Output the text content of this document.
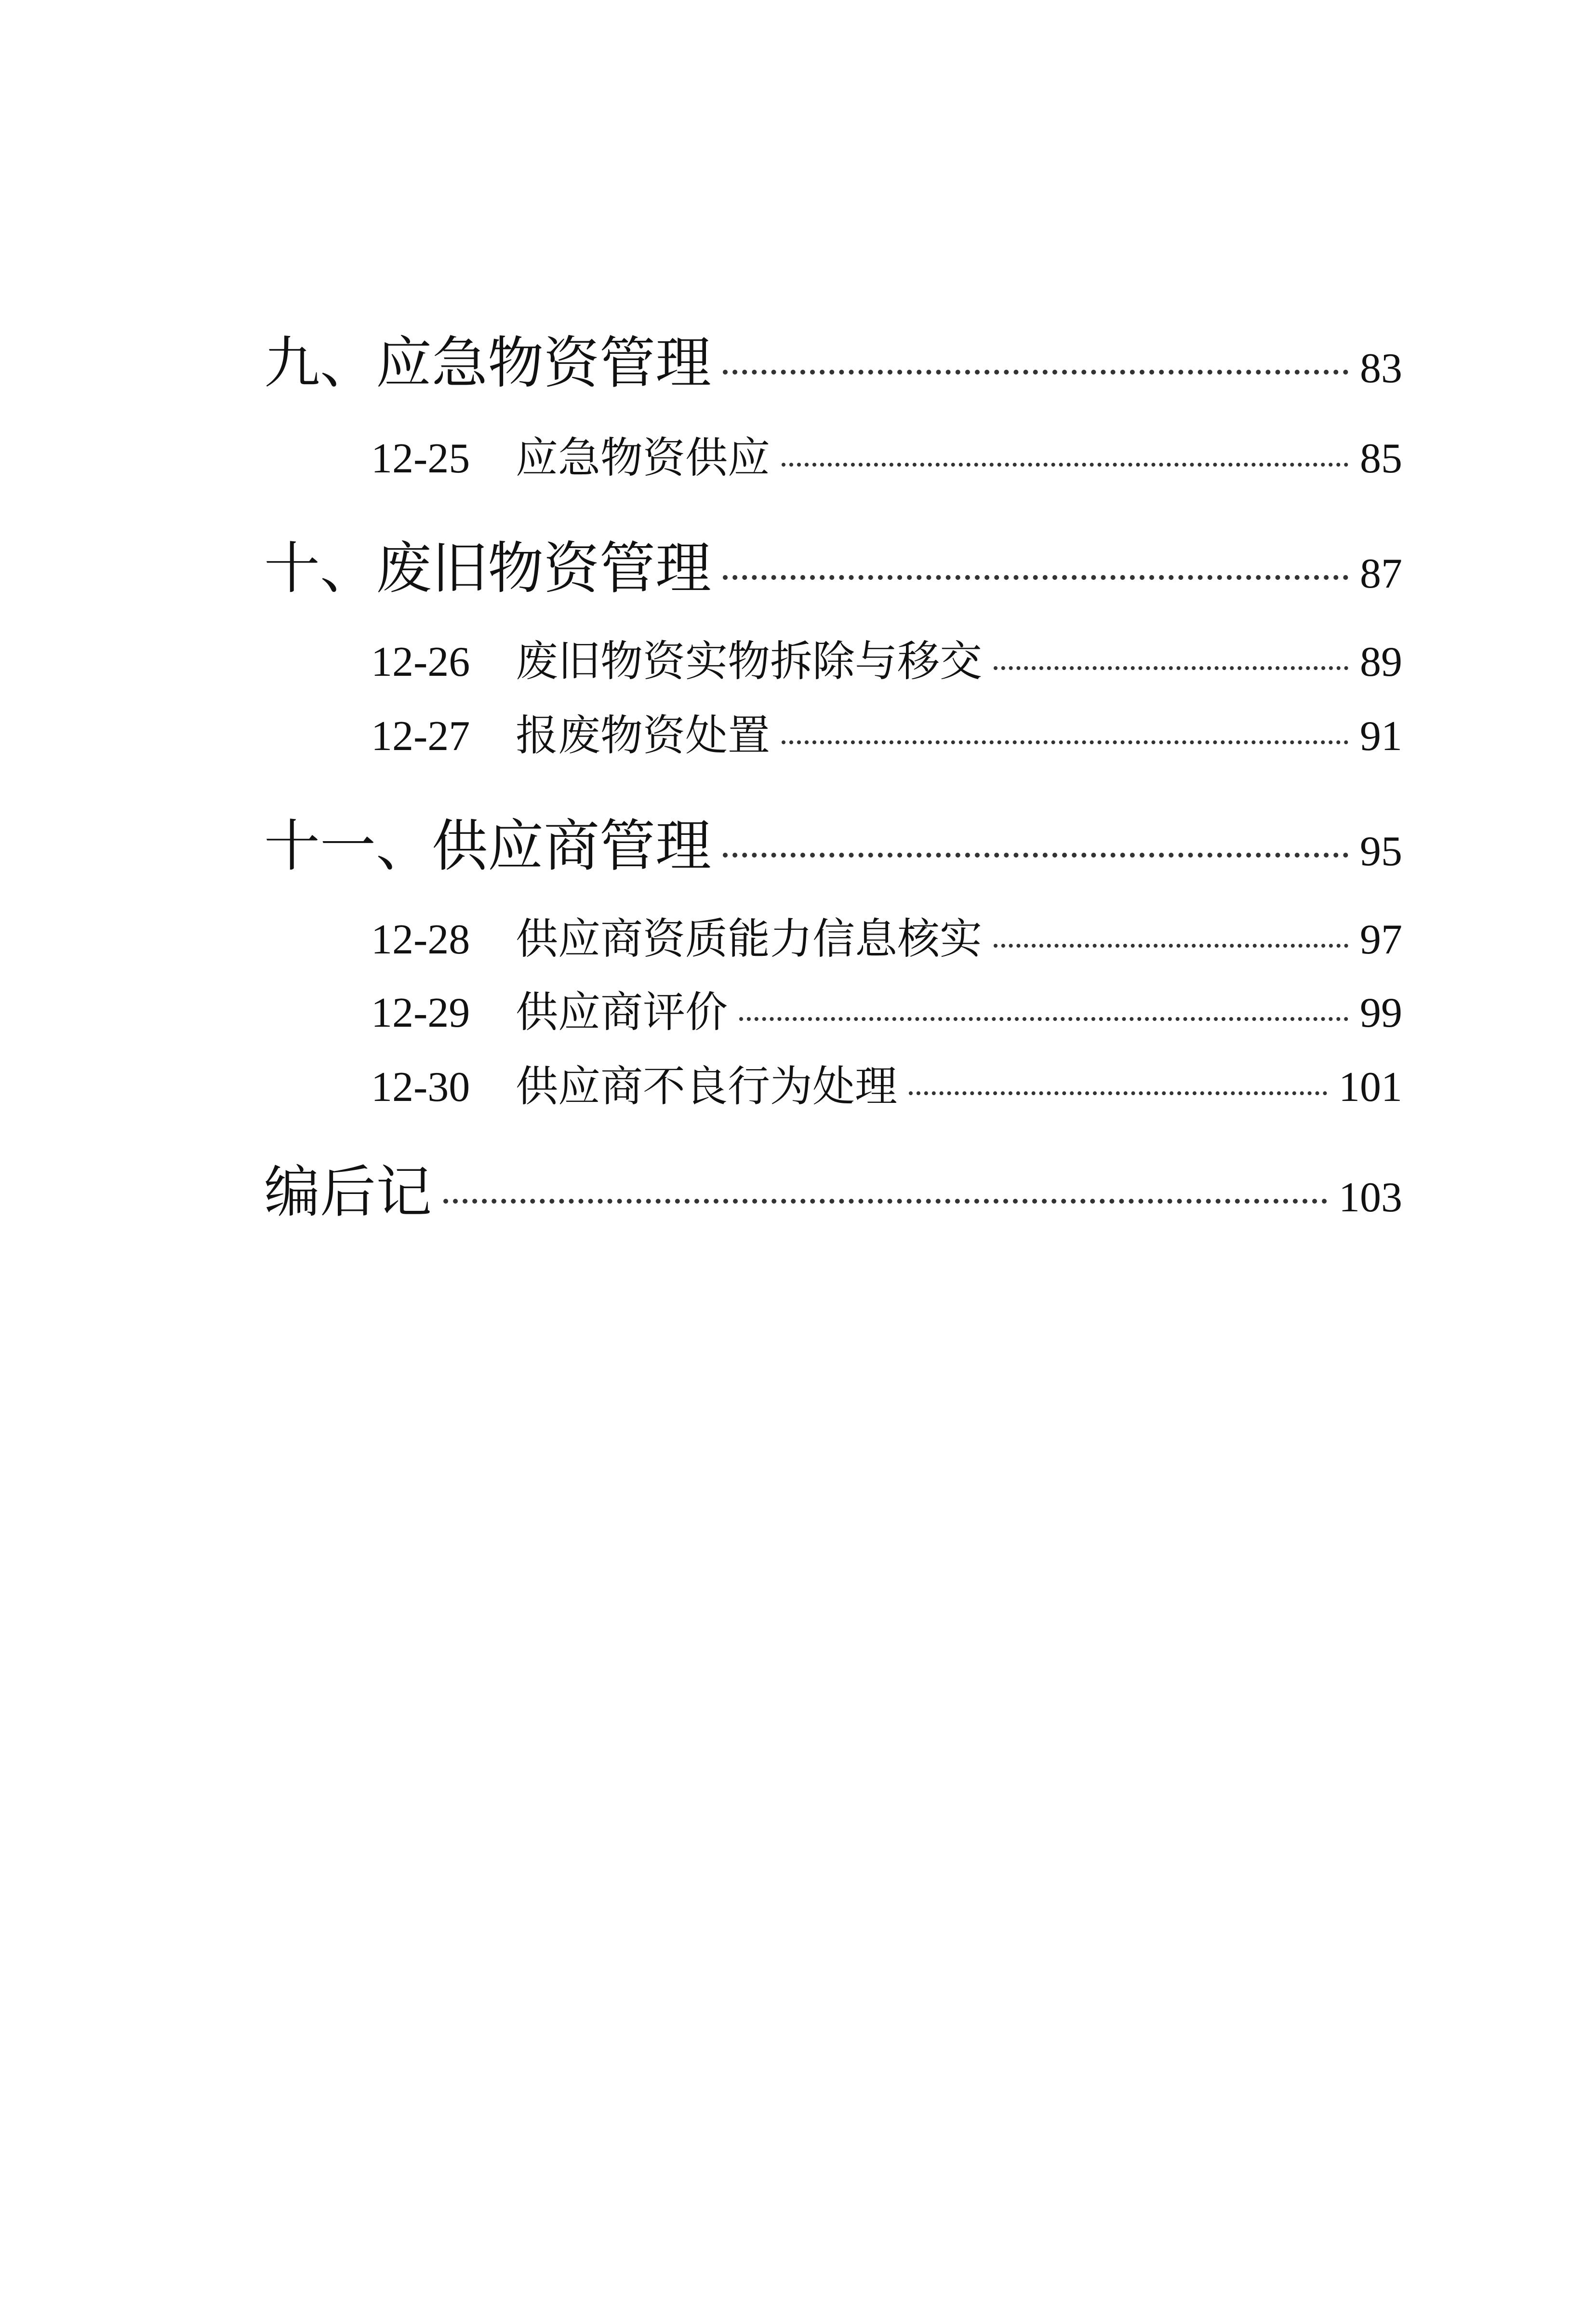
九、应急物资管理	83
12-25	应急物资供应	85
十、废旧物资管理	87
12-26	废旧物资实物拆除与移交	89
12-27	报废物资处置	91
十一、供应商管理	95
12-28	供应商资质能力信息核实	97
12-29	供应商评价	99
12-30	供应商不良行为处理	101
编后记	103
